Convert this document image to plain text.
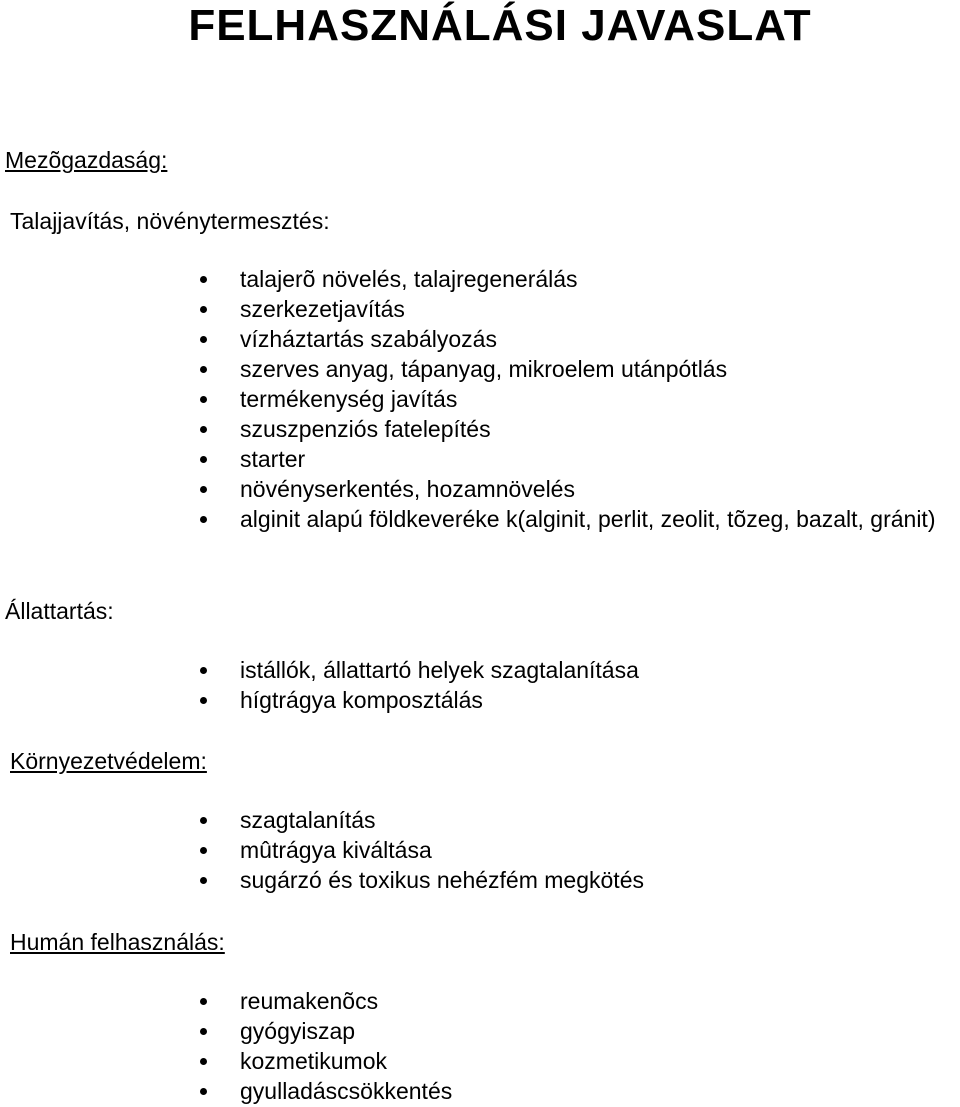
FELHASZNÁLÁSI JAVASLAT
Mezõgazdaság:
Talajjavítás, növénytermesztés:
talajerõ növelés, talajregenerálás
szerkezetjavítás
vízháztartás szabályozás
szerves anyag, tápanyag, mikroelem utánpótlás
termékenység javítás
szuszpenziós fatelepítés
starter
növényserkentés, hozamnövelés
alginit alapú földkeveréke k(alginit, perlit, zeolit, tõzeg, bazalt, gránit)
Állattartás:
istállók, állattartó helyek szagtalanítása
hígtrágya komposztálás
Környezetvédelem:
szagtalanítás
mûtrágya kiváltása
sugárzó és toxikus nehézfém megkötés
Humán felhasználás:
reumakenõcs
gyógyiszap
kozmetikumok
gyulladáscsökkentés
